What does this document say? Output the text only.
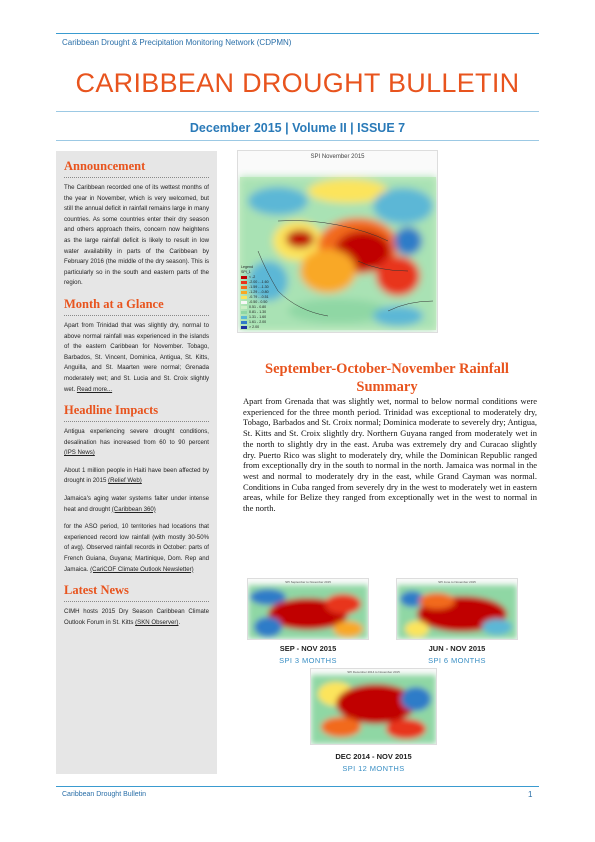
Caribbean Drought & Precipitation Monitoring Network (CDPMN)
CARIBBEAN DROUGHT BULLETIN
December 2015 | Volume II | ISSUE 7
Announcement
The Caribbean recorded one of its wettest months of the year in November, which is very welcomed, but still the annual deficit in rainfall remains large in many countries. As some countries enter their dry season and others approach theirs, concern now heightens as the large rainfall deficit is likely to result in low water availability in parts of the Caribbean by February 2016 (the middle of the dry season). This is particularly so in the south and eastern parts of the region.
Month at a Glance
Apart from Trinidad that was slightly dry, normal to above normal rainfall was experienced in the islands of the eastern Caribbean for November. Tobago, Barbados, St. Vincent, Dominica, Antigua, St. Kitts, Anguilla, and St. Maarten were normal; Grenada moderately wet; and St. Lucia and St. Croix slightly wet. Read more...
Headline Impacts
Antigua experiencing severe drought conditions, desalination has increased from 60 to 90 percent (IPS News)
About 1 million people in Haiti have been affected by drought in 2015 (Relief Web)
Jamaica's aging water systems falter under intense heat and drought (Caribbean 360)
for the ASO period, 10 territories had locations that experienced record low rainfall (with mostly 30-50% of avg). Observed rainfall records in October: parts of French Guiana, Guyana; Martinique, Dom. Rep and Jamaica. (CariCOF Climate Outlook Newsletter)
Latest News
CIMH hosts 2015 Dry Season Caribbean Climate Outlook Forum in St. Kitts (SKN Observer).
SPI November 2015
Legend
SPI_1
< -2
-2.00 - -1.60
-1.59 - -1.30
-1.29 - -0.80
-0.79 - -0.51
-0.50 - 0.50
0.51 - 0.80
0.81 - 1.30
1.31 - 1.60
1.61 - 2.00
> 2.00
September-October-November Rainfall Summary
Apart from Grenada that was slightly wet, normal to below normal conditions were experienced for the three month period. Trinidad was exceptional to moderately dry, Tobago, Barbados and St. Croix normal; Dominica moderate to severely dry; Antigua, St. Kitts and St. Croix slightly dry. Northern Guyana ranged from moderately wet in the north to slightly dry in the east. Aruba was extremely dry and Curacao slightly dry. Puerto Rico was slight to moderately dry, while the Dominican Republic ranged from exceptionally dry in the south to normal in the north. Jamaica was normal in the west and normal to moderately dry in the east, while Grand Cayman was normal. Conditions in Cuba ranged from severely dry in the west to moderately wet in eastern areas, while for Belize they ranged from exceptionally wet in the west to normal in the north.
SPI September to November 2015
SEP - NOV 2015
SPI 3 MONTHS
SPI June to November 2015
JUN - NOV 2015
SPI 6 MONTHS
SPI December 2014 to November 2015
DEC 2014 - NOV 2015
SPI 12 MONTHS
Caribbean Drought Bulletin	1
